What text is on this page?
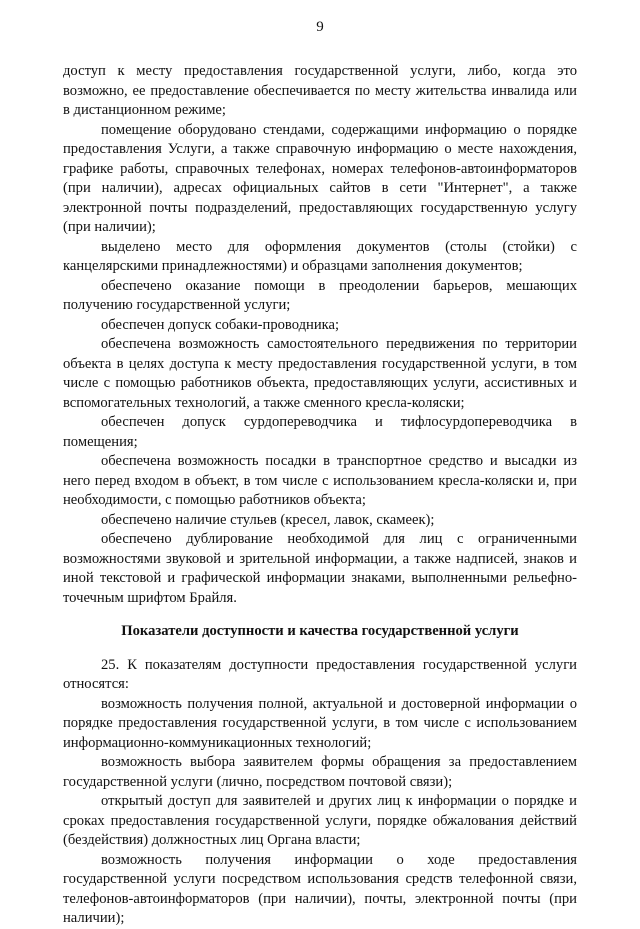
9

доступ к месту предоставления государственной услуги, либо, когда это возможно, ее предоставление обеспечивается по месту жительства инвалида или в дистанционном режиме;

помещение оборудовано стендами, содержащими информацию о порядке предоставления Услуги, а также справочную информацию о месте нахождения, графике работы, справочных телефонах, номерах телефонов-автоинформаторов (при наличии), адресах официальных сайтов в сети "Интернет", а также электронной почты подразделений, предоставляющих государственную услугу (при наличии);

выделено место для оформления документов (столы (стойки) с канцелярскими принадлежностями) и образцами заполнения документов;

обеспечено оказание помощи в преодолении барьеров, мешающих получению государственной услуги;

обеспечен допуск собаки-проводника;

обеспечена возможность самостоятельного передвижения по территории объекта в целях доступа к месту предоставления государственной услуги, в том числе с помощью работников объекта, предоставляющих услуги, ассистивных и вспомогательных технологий, а также сменного кресла-коляски;

обеспечен допуск сурдопереводчика и тифлосурдопереводчика в помещения;

обеспечена возможность посадки в транспортное средство и высадки из него перед входом в объект, в том числе с использованием кресла-коляски и, при необходимости, с помощью работников объекта;

обеспечено наличие стульев (кресел, лавок, скамеек);

обеспечено дублирование необходимой для лиц с ограниченными возможностями звуковой и зрительной информации, а также надписей, знаков и иной текстовой и графической информации знаками, выполненными рельефно-точечным шрифтом Брайля.

Показатели доступности и качества государственной услуги

25. К показателям доступности предоставления государственной услуги относятся:

возможность получения полной, актуальной и достоверной информации о порядке предоставления государственной услуги, в том числе с использованием информационно-коммуникационных технологий;

возможность выбора заявителем формы обращения за предоставлением государственной услуги (лично, посредством почтовой связи);

открытый доступ для заявителей и других лиц к информации о порядке и сроках предоставления государственной услуги, порядке обжалования действий (бездействия) должностных лиц Органа власти;

возможность получения информации о ходе предоставления государственной услуги посредством использования средств телефонной связи, телефонов-автоинформаторов (при наличии), почты, электронной почты (при наличии);
